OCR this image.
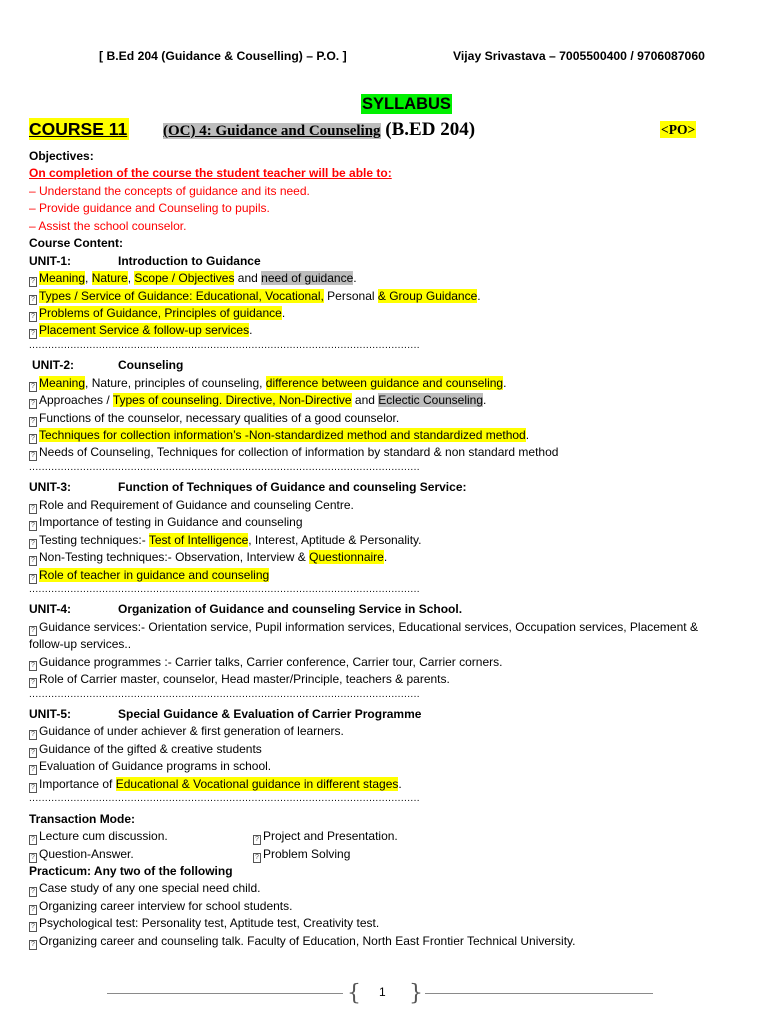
[ B.Ed 204 (Guidance & Couselling) – P.O. ]	Vijay Srivastava – 7005500400 / 9706087060
SYLLABUS
COURSE 11 (OC) 4: Guidance and Counseling (B.ED 204)	<PO>
Objectives:
On completion of the course the student teacher will be able to:
– Understand the concepts of guidance and its need.
– Provide guidance and Counseling to pupils.
– Assist the school counselor.
Course Content:
UNIT-1:	Introduction to Guidance
? Meaning, Nature, Scope / Objectives and need of guidance.
? Types / Service of Guidance: Educational, Vocational, Personal & Group Guidance.
? Problems of Guidance, Principles of guidance.
? Placement Service & follow-up services.
...........................................................................................................................
UNIT-2:	Counseling
? Meaning, Nature, principles of counseling, difference between guidance and counseling.
? Approaches / Types of counseling. Directive, Non-Directive and Eclectic Counseling.
? Functions of the counselor, necessary qualities of a good counselor.
? Techniques for collection information’s -Non-standardized method and standardized method.
? Needs of Counseling, Techniques for collection of information by standard & non standard method
...........................................................................................................................
UNIT-3:	Function of Techniques of Guidance and counseling Service:
? Role and Requirement of Guidance and counseling Centre.
? Importance of testing in Guidance and counseling
? Testing techniques:- Test of Intelligence, Interest, Aptitude & Personality.
? Non-Testing techniques:- Observation, Interview & Questionnaire.
? Role of teacher in guidance and counseling
...........................................................................................................................
UNIT-4:	Organization of Guidance and counseling Service in School.
? Guidance services:- Orientation service, Pupil information services, Educational services, Occupation services, Placement &
follow-up services..
? Guidance programmes :- Carrier talks, Carrier conference, Carrier tour, Carrier corners.
? Role of Carrier master, counselor, Head master/Principle, teachers & parents.
...........................................................................................................................
UNIT-5:	Special Guidance & Evaluation of Carrier Programme
? Guidance of under achiever & first generation of learners.
? Guidance of the gifted & creative students
? Evaluation of Guidance programs in school.
? Importance of Educational & Vocational guidance in different stages.
...........................................................................................................................
Transaction Mode:
? Lecture cum discussion.	? Project and Presentation.
? Question-Answer.	? Problem Solving
Practicum: Any two of the following
? Case study of any one special need child.
? Organizing career interview for school students.
? Psychological test: Personality test, Aptitude test, Creativity test.
? Organizing career and counseling talk. Faculty of Education, North East Frontier Technical University.
{ 1 }
